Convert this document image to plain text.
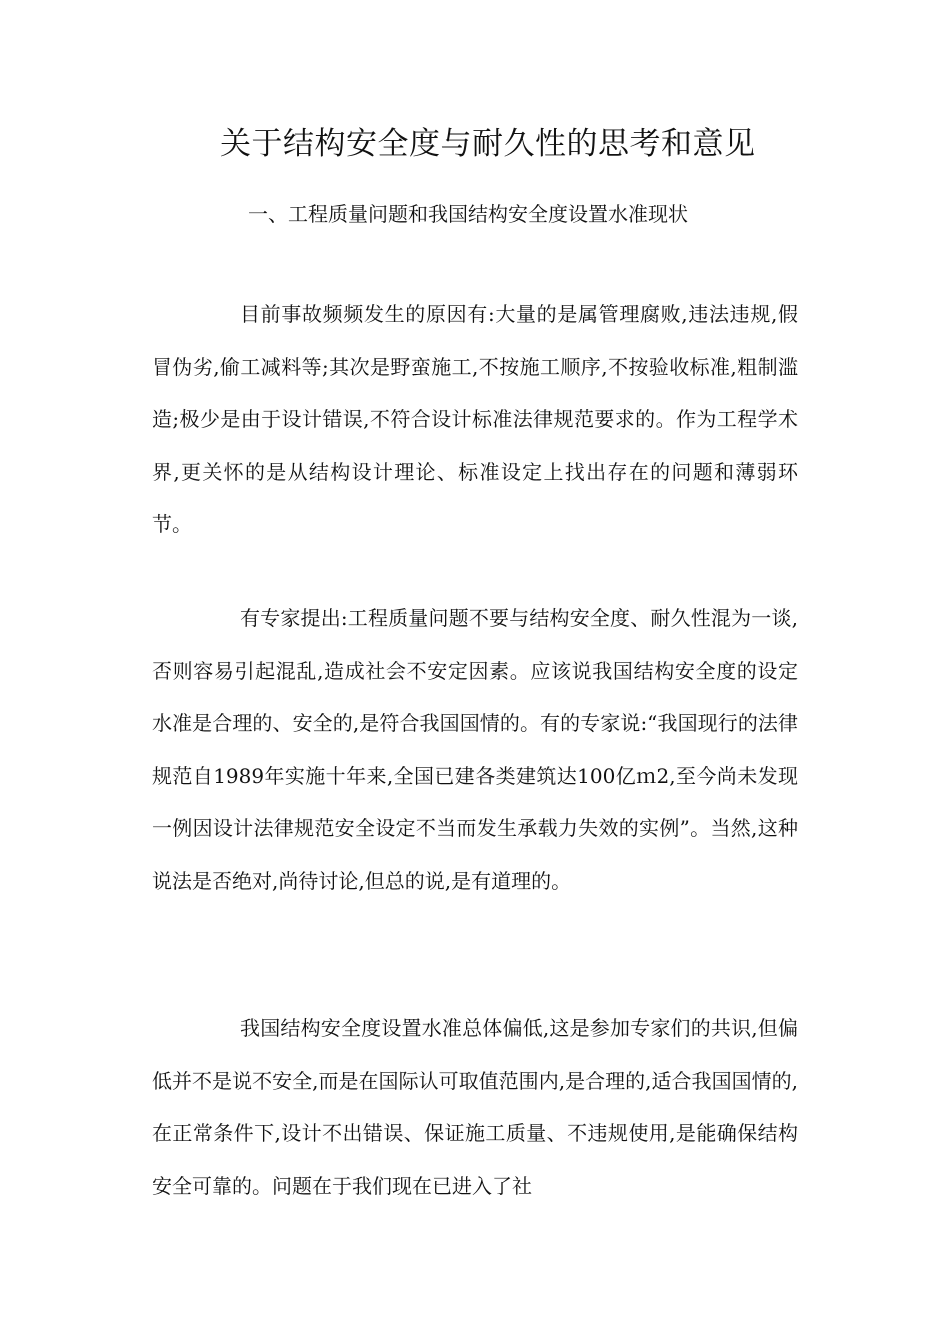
关于结构安全度与耐久性的思考和意见
一、工程质量问题和我国结构安全度设置水准现状

目前事故频频发生的原因有:大量的是属管理腐败,违法违规,假冒伪劣,偷工减料等;其次是野蛮施工,不按施工顺序,不按验收标准,粗制滥造;极少是由于设计错误,不符合设计标准法律规范要求的。作为工程学术界,更关怀的是从结构设计理论、标准设定上找出存在的问题和薄弱环节。

有专家提出:工程质量问题不要与结构安全度、耐久性混为一谈,否则容易引起混乱,造成社会不安定因素。应该说我国结构安全度的设定水准是合理的、安全的,是符合我国国情的。有的专家说:“我国现行的法律规范自1989年实施十年来,全国已建各类建筑达100亿ｍ2,至今尚未发现一例因设计法律规范安全设定不当而发生承载力失效的实例”。当然,这种说法是否绝对,尚待讨论,但总的说,是有道理的。

我国结构安全度设置水准总体偏低,这是参加专家们的共识,但偏低并不是说不安全,而是在国际认可取值范围内,是合理的,适合我国国情的,在正常条件下,设计不出错误、保证施工质量、不违规使用,是能确保结构安全可靠的。问题在于我们现在已进入了社
